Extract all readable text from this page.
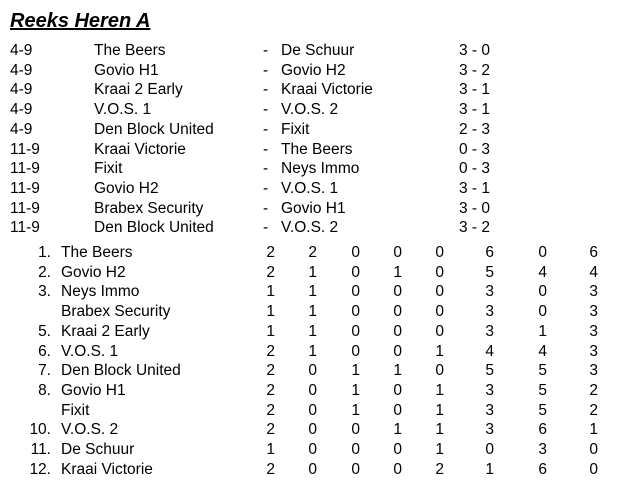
Reeks Heren A
4-9	The Beers	- De Schuur	3 - 0
4-9	Govio H1	- Govio H2	3 - 2
4-9	Kraai 2 Early	- Kraai Victorie	3 - 1
4-9	V.O.S. 1	- V.O.S. 2	3 - 1
4-9	Den Block United	- Fixit	2 - 3
11-9	Kraai Victorie	- The Beers	0 - 3
11-9	Fixit	- Neys Immo	0 - 3
11-9	Govio H2	- V.O.S. 1	3 - 1
11-9	Brabex Security	- Govio H1	3 - 0
11-9	Den Block United	- V.O.S. 2	3 - 2
1. The Beers	2	2	0	0	0	6	0	6
2. Govio H2	2	1	0	1	0	5	4	4
3. Neys Immo	1	1	0	0	0	3	0	3
Brabex Security	1	1	0	0	0	3	0	3
5. Kraai 2 Early	1	1	0	0	0	3	1	3
6. V.O.S. 1	2	1	0	0	1	4	4	3
7. Den Block United	2	0	1	1	0	5	5	3
8. Govio H1	2	0	1	0	1	3	5	2
Fixit	2	0	1	0	1	3	5	2
10. V.O.S. 2	2	0	0	1	1	3	6	1
11. De Schuur	1	0	0	0	1	0	3	0
12. Kraai Victorie	2	0	0	0	2	1	6	0
